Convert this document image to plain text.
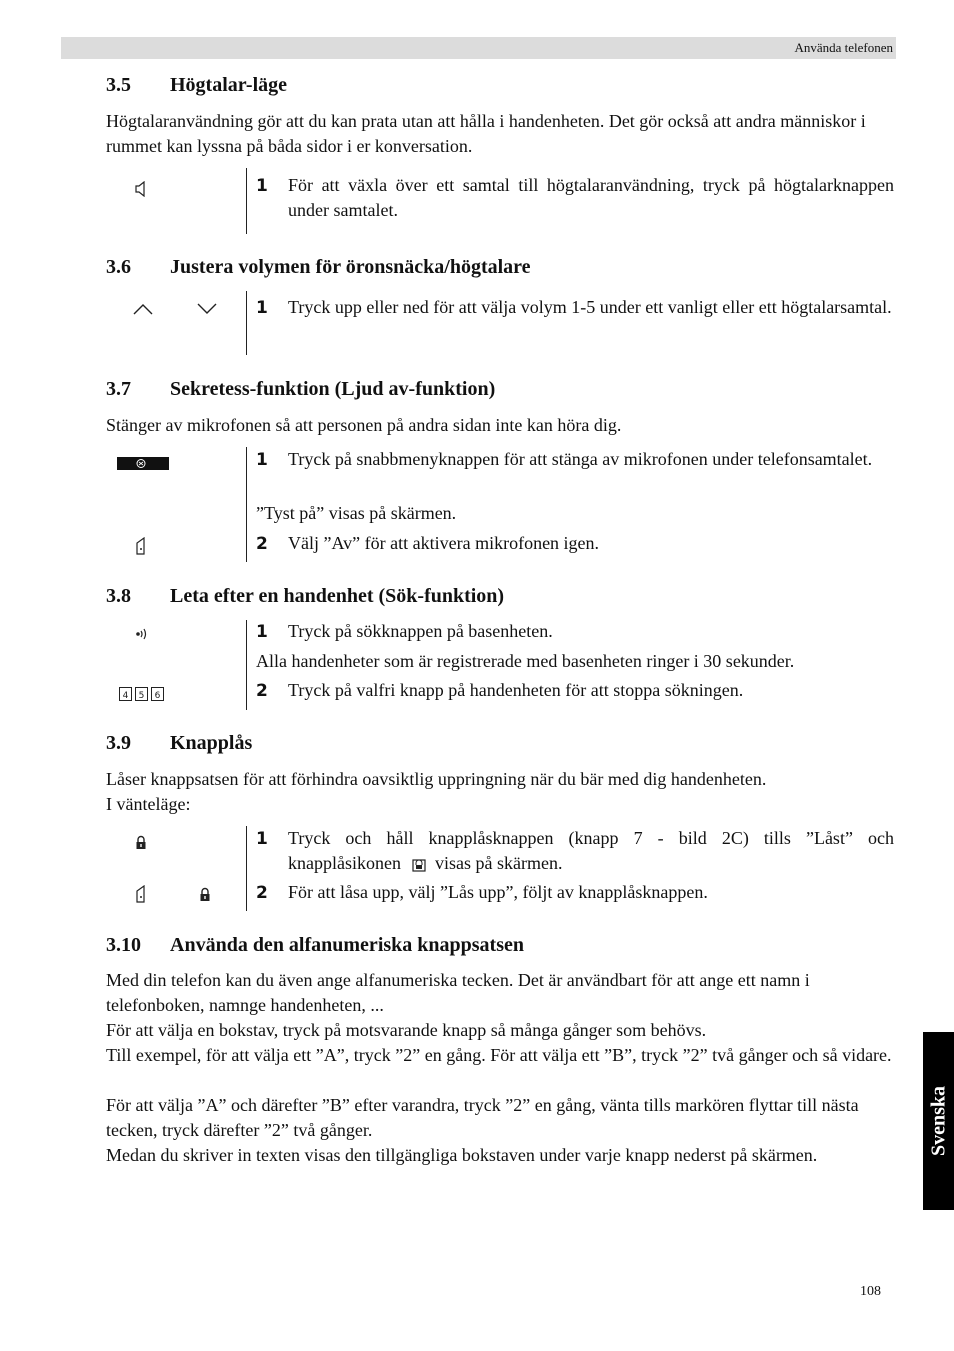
Använda telefonen
3.5 Högtalar-läge
Högtalaranvändning gör att du kan prata utan att hålla i handenheten. Det gör också att andra människor i rummet kan lyssna på båda sidor i er konversation.
1 För att växla över ett samtal till högtalaranvändning, tryck på högtalarknappen under samtalet.
3.6 Justera volymen för öronsnäcka/högtalare
1 Tryck upp eller ned för att välja volym 1-5 under ett vanligt eller ett högtalarsamtal.
3.7 Sekretess-funktion (Ljud av-funktion)
Stänger av mikrofonen så att personen på andra sidan inte kan höra dig.
1 Tryck på snabbmenyknappen för att stänga av mikrofonen under telefonsamtalet.
”Tyst på” visas på skärmen.
2 Välj ”Av” för att aktivera mikrofonen igen.
3.8 Leta efter en handenhet (Sök-funktion)
4 5 6
1 Tryck på sökknappen på basenheten.
Alla handenheter som är registrerade med basenheten ringer i 30 sekunder.
2 Tryck på valfri knapp på handenheten för att stoppa sökningen.
3.9 Knapplås
Låser knappsatsen för att förhindra oavsiktlig uppringning när du bär med dig handenheten.
I vänteläge:
1 Tryck och håll knapplåsknappen (knapp 7 - bild 2C) tills ”Låst” och
knapplåsikonen visas på skärmen.
2 För att låsa upp, välj ”Lås upp”, följt av knapplåsknappen.
3.10 Använda den alfanumeriska knappsatsen
Med din telefon kan du även ange alfanumeriska tecken. Det är användbart för att ange ett namn i telefonboken, namnge handenheten, ...
För att välja en bokstav, tryck på motsvarande knapp så många gånger som behövs.
Till exempel, för att välja ett ”A”, tryck ”2” en gång. För att välja ett ”B”, tryck ”2” två gånger och så vidare.
För att välja ”A” och därefter ”B” efter varandra, tryck ”2” en gång, vänta tills markören flyttar till nästa tecken, tryck därefter ”2” två gånger.
Medan du skriver in texten visas den tillgängliga bokstaven under varje knapp nederst på skärmen.	Svenska
108
